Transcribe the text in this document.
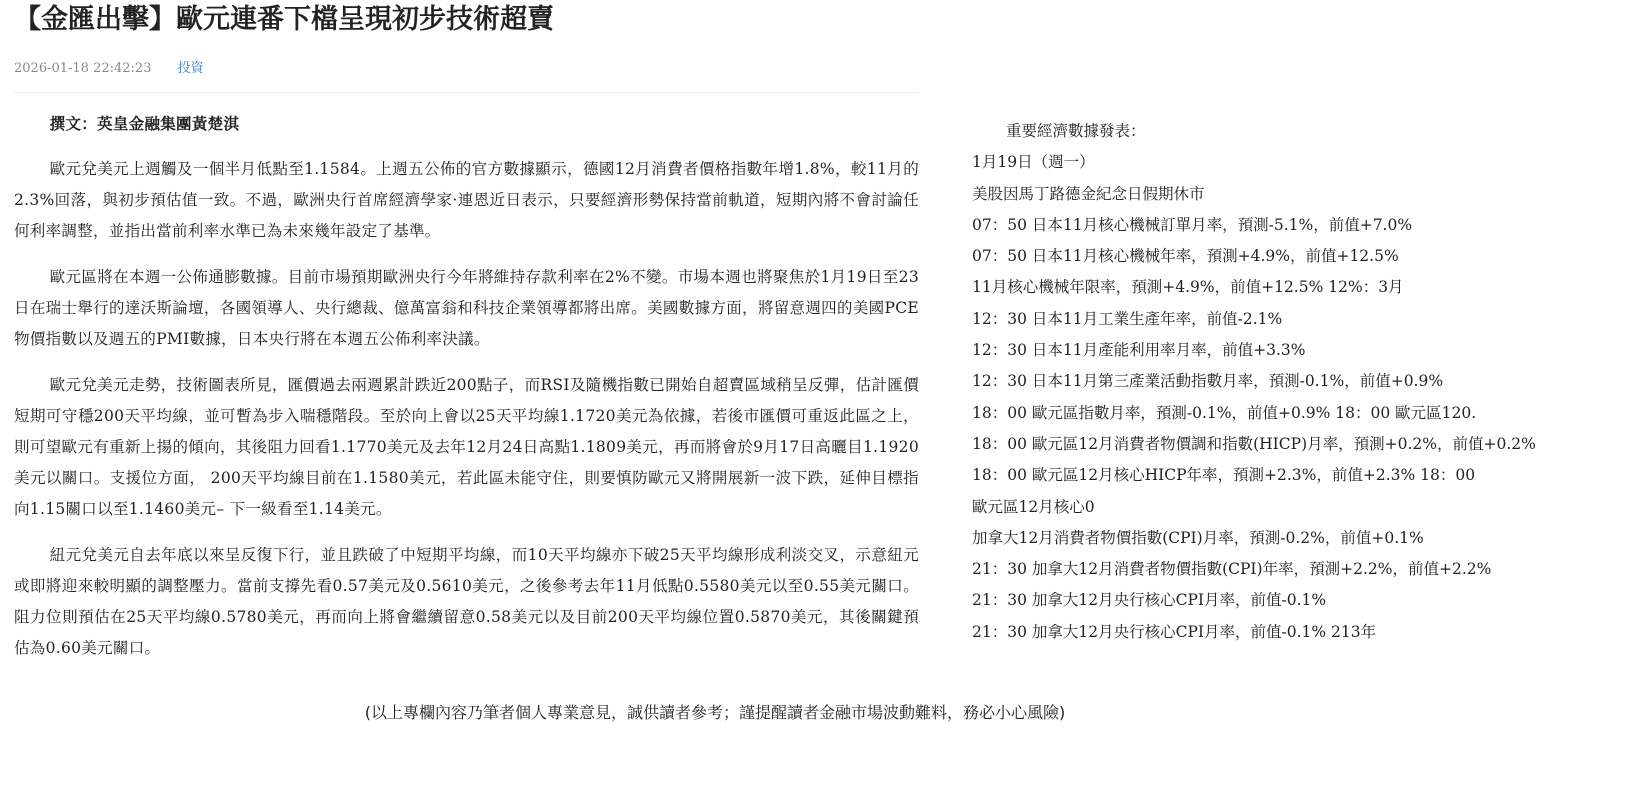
【金匯出擊】歐元連番下檔呈現初步技術超賣
2026-01-18 22:42:23 投資

撰文：英皇金融集團黃楚淇

歐元兌美元上週觸及一個半月低點至1.1584。上週五公佈的官方數據顯示，德國12月消費者價格指數年增1.8%，較11月的2.3%回落，與初步預估值一致。不過，歐洲央行首席經濟學家·連恩近日表示，只要經濟形勢保持當前軌道，短期內將不會討論任何利率調整，並指出當前利率水準已為未來幾年設定了基準。

歐元區將在本週一公佈通膨數據。目前市場預期歐洲央行今年將維持存款利率在2%不變。市場本週也將聚焦於1月19日至23日在瑞士舉行的達沃斯論壇，各國領導人、央行總裁、億萬富翁和科技企業領導都將出席。美國數據方面，將留意週四的美國PCE物價指數以及週五的PMI數據，日本央行將在本週五公佈利率決議。

歐元兌美元走勢，技術圖表所見，匯價過去兩週累計跌近200點子，而RSI及隨機指數已開始自超賣區域稍呈反彈，估計匯價短期可守穩200天平均線，並可暫為步入喘穩階段。至於向上會以25天平均線1.1720美元為依據，若後市匯價可重返此區之上，則可望歐元有重新上揚的傾向，其後阻力回看1.1770美元及去年12月24日高點1.1809美元，再而將會於9月17日高曬目1.1920美元以關口。支援位方面， 200天平均線目前在1.1580美元，若此區未能守住，則要慎防歐元又將開展新一波下跌，延伸目標指向1.15關口以至1.1460美元– 下一級看至1.14美元。

紐元兌美元自去年底以來呈反復下行，並且跌破了中短期平均線，而10天平均線亦下破25天平均線形成利淡交叉，示意紐元或即將迎來較明顯的調整壓力。當前支撐先看0.57美元及0.5610美元，之後參考去年11月低點0.5580美元以至0.55美元關口。阻力位則預估在25天平均線0.5780美元，再而向上將會繼續留意0.58美元以及目前200天平均線位置0.5870美元，其後關鍵預估為0.60美元關口。

重要經濟數據發表：
1月19日（週一）
美股因馬丁路德金紀念日假期休市
07：50 日本11月核心機械訂單月率，預測-5.1%，前值+7.0%
07：50 日本11月核心機械年率，預測+4.9%，前值+12.5%
11月核心機械年限率，預測+4.9%，前值+12.5% 12%：3月
12：30 日本11月工業生產年率，前值-2.1%
12：30 日本11月產能利用率月率，前值+3.3%
12：30 日本11月第三產業活動指數月率，預測-0.1%，前值+0.9%
18：00 歐元區指數月率，預測-0.1%，前值+0.9% 18：00 歐元區120.
18：00 歐元區12月消費者物價調和指數(HICP)月率，預測+0.2%，前值+0.2%
18：00 歐元區12月核心HICP年率，預測+2.3%，前值+2.3% 18：00
歐元區12月核心0
加拿大12月消費者物價指數(CPI)月率，預測-0.2%，前值+0.1%
21：30 加拿大12月消費者物價指數(CPI)年率，預測+2.2%，前值+2.2%
21：30 加拿大12月央行核心CPI月率，前值-0.1%
21：30 加拿大12月央行核心CPI月率，前值-0.1% 213年
(以上專欄內容乃筆者個人專業意見，誠供讀者參考；謹提醒讀者金融市場波動難料，務必小心風險)
